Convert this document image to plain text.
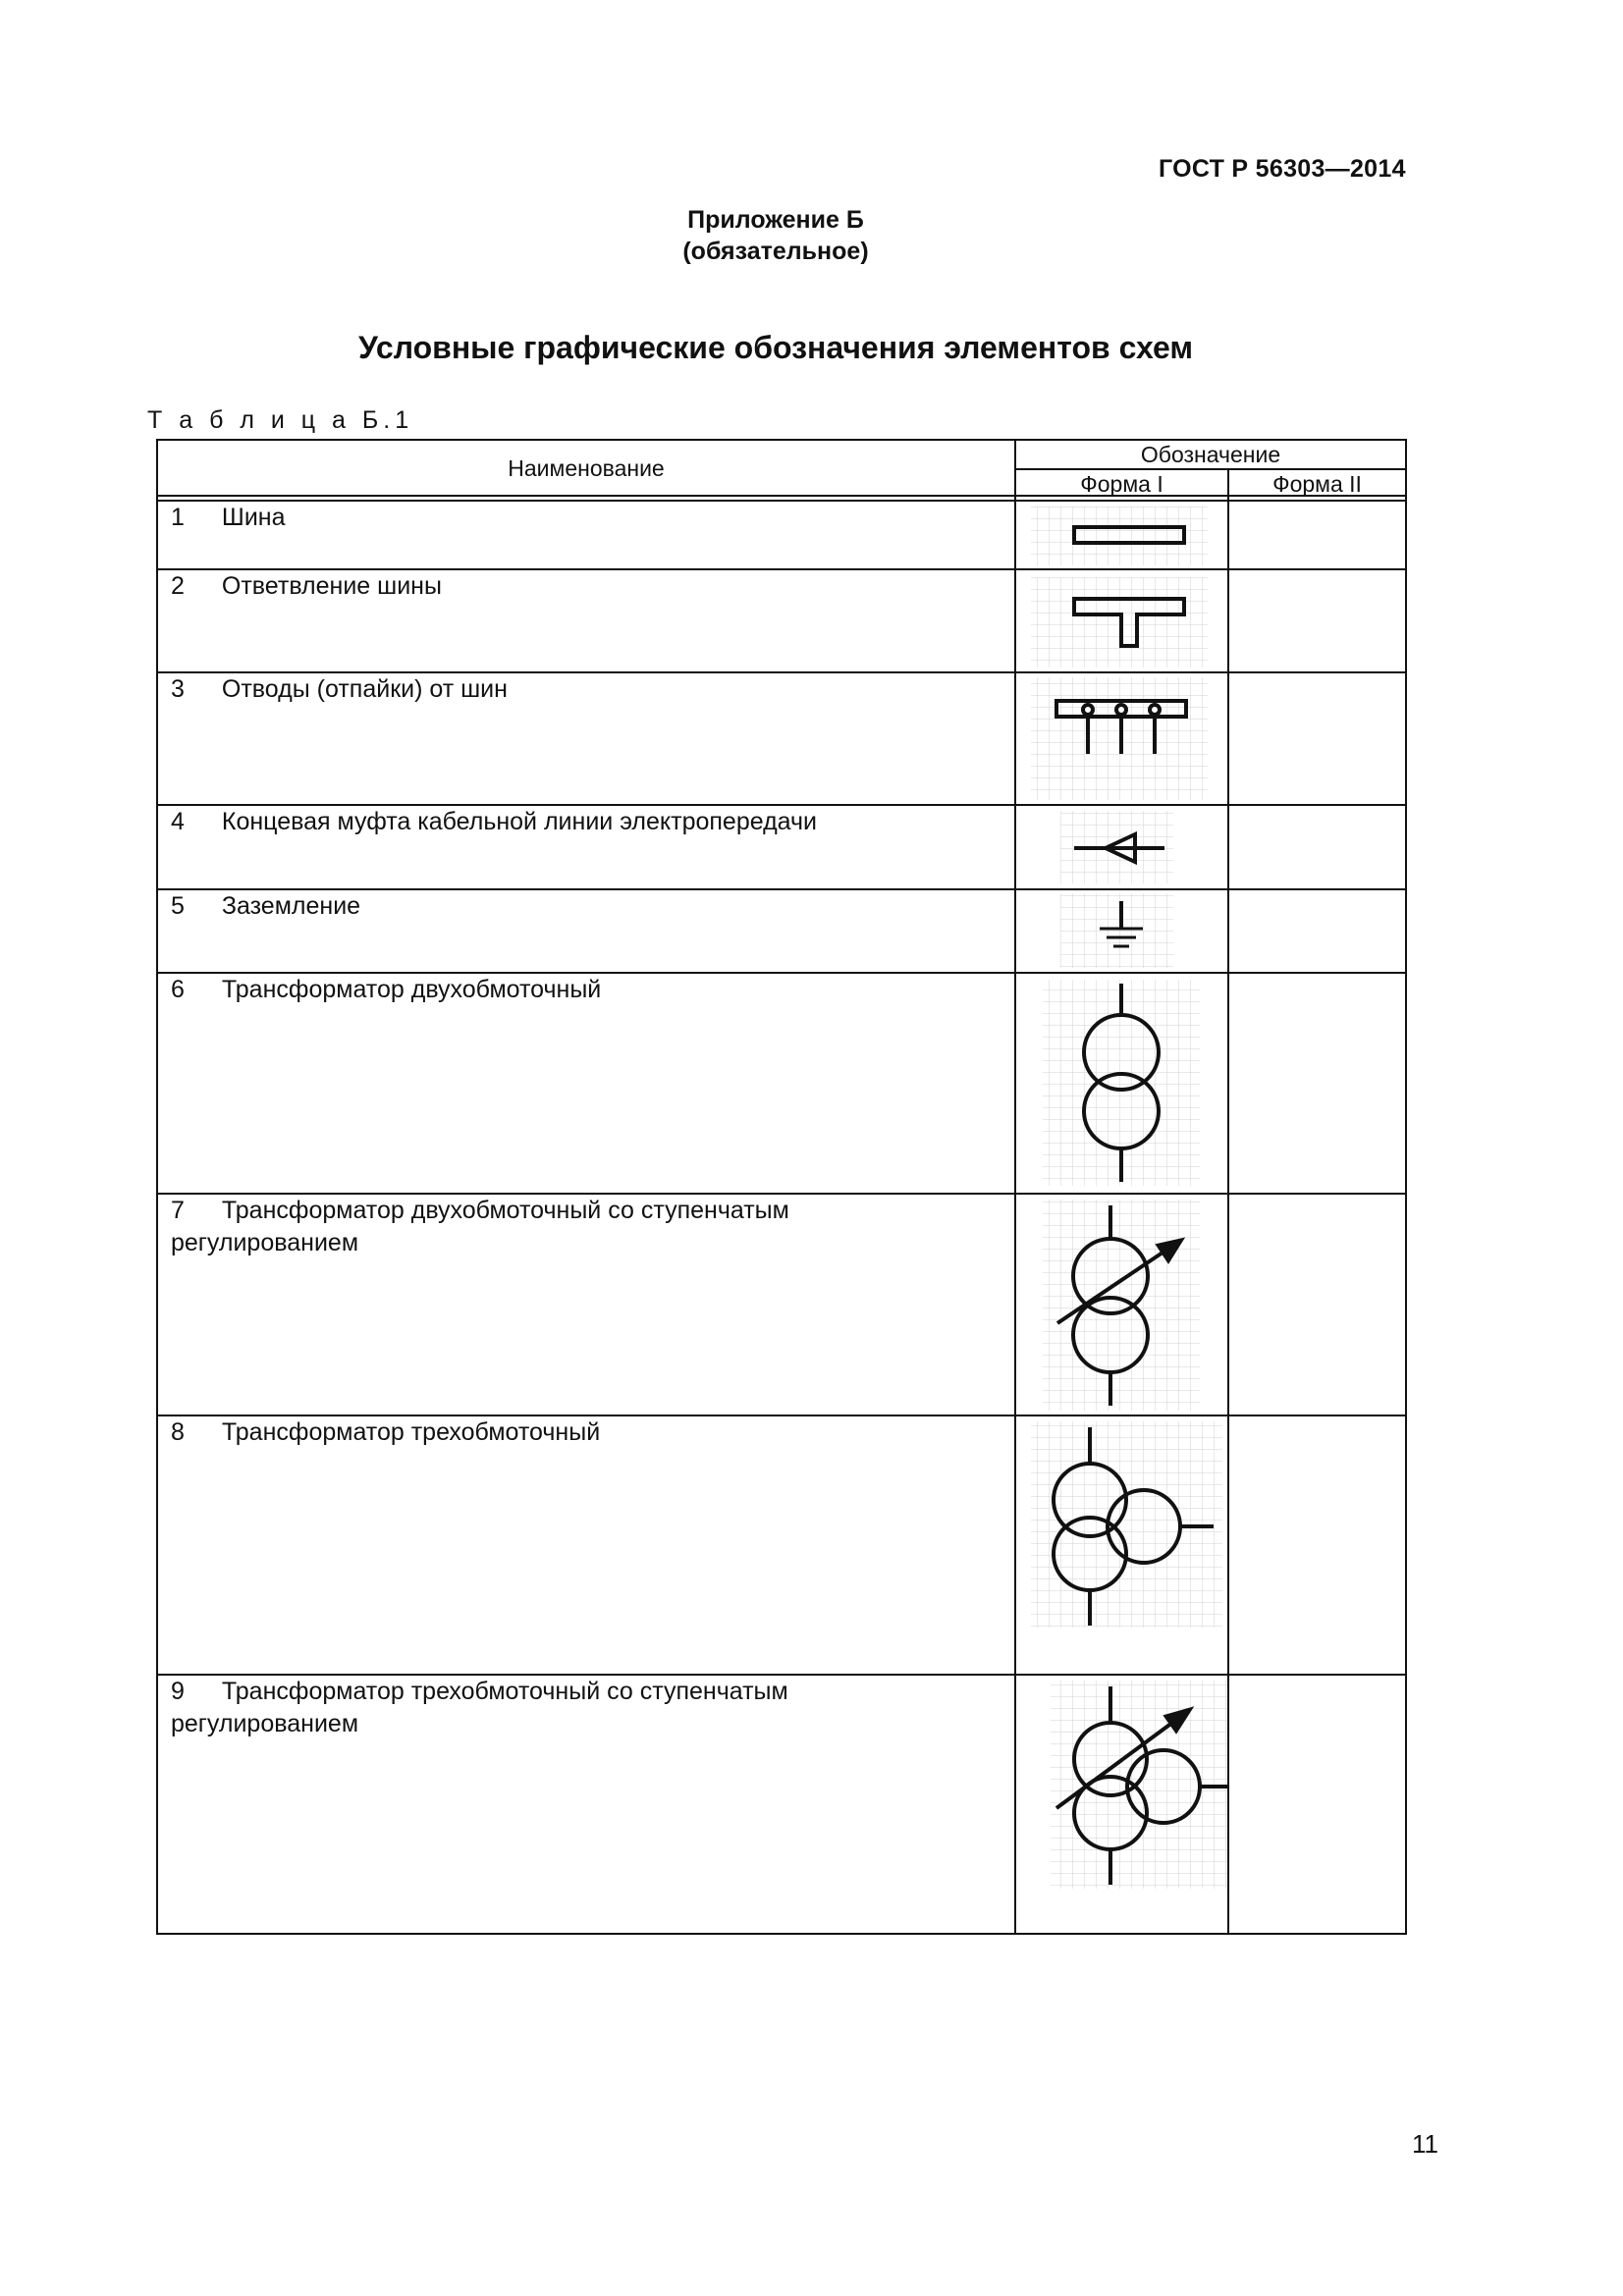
ГОСТ Р 56303—2014
Приложение Б
(обязательное)
Условные графические обозначения элементов схем
Т а б л и ц а Б.1
Наименование
Обозначение
Форма I	Форма II
1 Шина
2 Ответвление шины
3 Отводы (отпайки) от шин
4 Концевая муфта кабельной линии электропередачи
5 Заземление
6 Трансформатор двухобмоточный
7 Трансформатор двухобмоточный со ступенчатым
регулированием
8 Трансформатор трехобмоточный
9 Трансформатор трехобмоточный со ступенчатым
регулированием
11
